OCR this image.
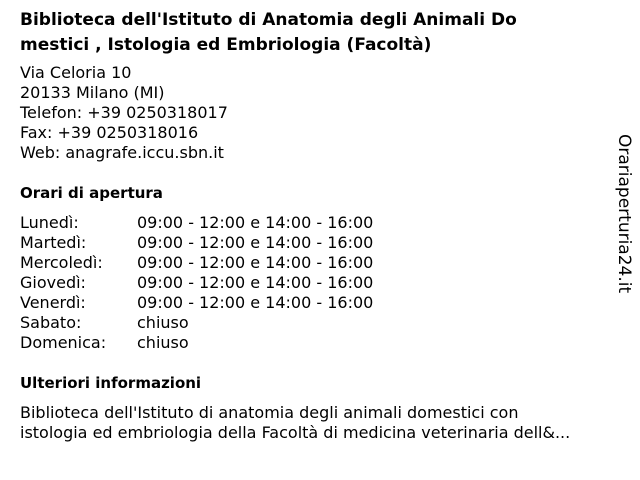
Biblioteca dell'Istituto di Anatomia degli Animali Do
mestici , Istologia ed Embriologia (Facoltà)
Via Celoria 10
20133 Milano (MI)
Telefon: +39 0250318017
Fax: +39 0250318016
Web: anagrafe.iccu.sbn.it
Orari di apertura
Lunedì:	09:00 - 12:00 e 14:00 - 16:00
Martedì:	09:00 - 12:00 e 14:00 - 16:00
Mercoledì: 09:00 - 12:00 e 14:00 - 16:00
Giovedì:	09:00 - 12:00 e 14:00 - 16:00
Venerdì:	09:00 - 12:00 e 14:00 - 16:00
Sabato:	chiuso
Domenica: chiuso
Ulteriori informazioni
Biblioteca dell'Istituto di anatomia degli animali domestici con
istologia ed embriologia della Facoltà di medicina veterinaria dell&...
Orariaperturia24.it
